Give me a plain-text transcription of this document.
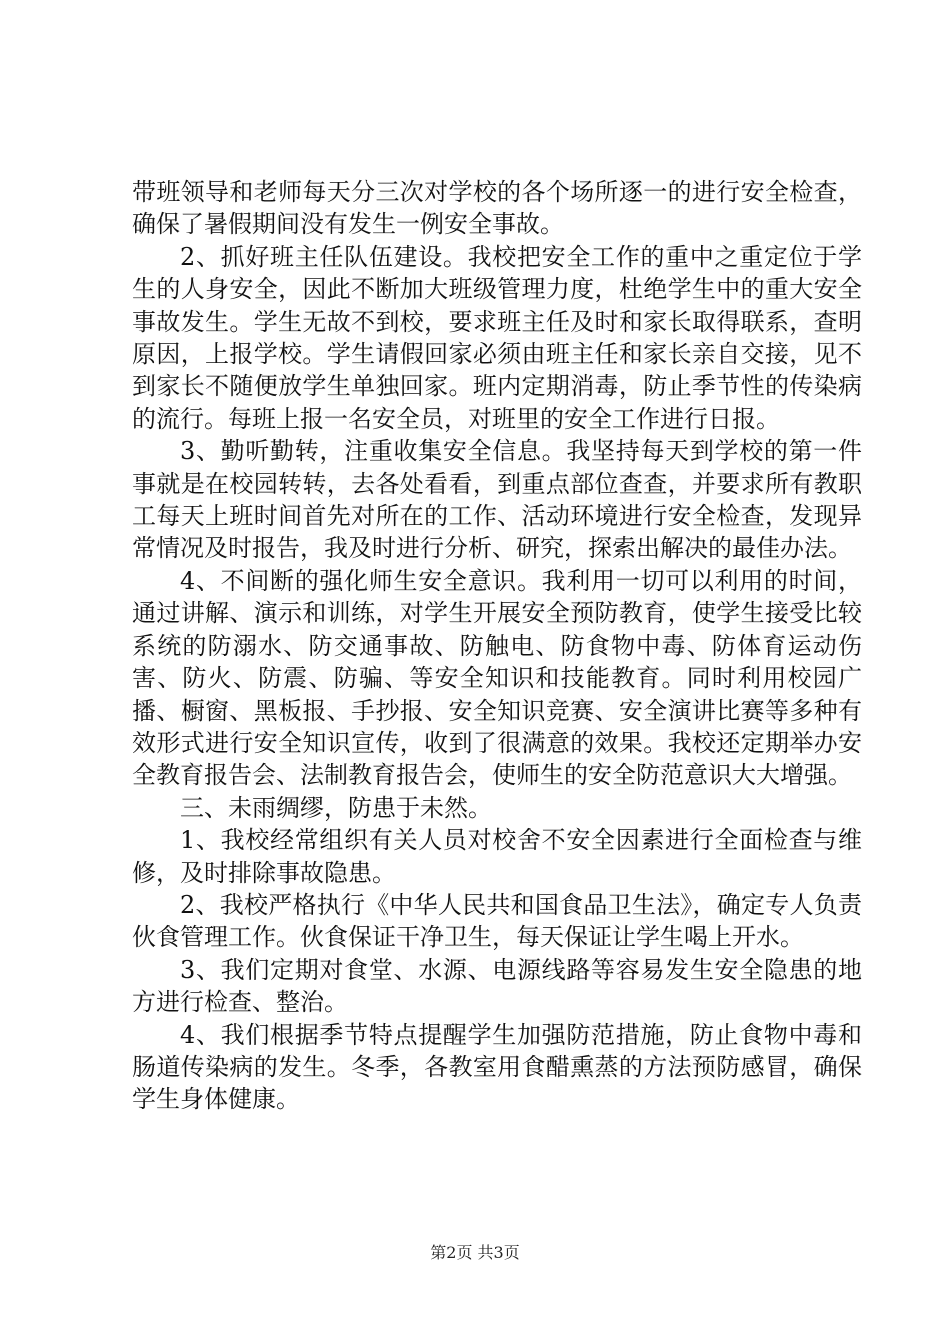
带班领导和老师每天分三次对学校的各个场所逐一的进行安全检查，确保了暑假期间没有发生一例安全事故。

2、抓好班主任队伍建设。我校把安全工作的重中之重定位于学生的人身安全，因此不断加大班级管理力度，杜绝学生中的重大安全事故发生。学生无故不到校，要求班主任及时和家长取得联系，查明原因，上报学校。学生请假回家必须由班主任和家长亲自交接，见不到家长不随便放学生单独回家。班内定期消毒，防止季节性的传染病的流行。每班上报一名安全员，对班里的安全工作进行日报。

3、勤听勤转，注重收集安全信息。我坚持每天到学校的第一件事就是在校园转转，去各处看看，到重点部位查查，并要求所有教职工每天上班时间首先对所在的工作、活动环境进行安全检查，发现异常情况及时报告，我及时进行分析、研究，探索出解决的最佳办法。

4、不间断的强化师生安全意识。我利用一切可以利用的时间，通过讲解、演示和训练，对学生开展安全预防教育，使学生接受比较系统的防溺水、防交通事故、防触电、防食物中毒、防体育运动伤害、防火、防震、防骗、等安全知识和技能教育。同时利用校园广播、橱窗、黑板报、手抄报、安全知识竞赛、安全演讲比赛等多种有效形式进行安全知识宣传，收到了很满意的效果。我校还定期举办安全教育报告会、法制教育报告会，使师生的安全防范意识大大增强。

三、未雨绸缪，防患于未然。

1、我校经常组织有关人员对校舍不安全因素进行全面检查与维修，及时排除事故隐患。

2、我校严格执行《中华人民共和国食品卫生法》，确定专人负责伙食管理工作。伙食保证干净卫生，每天保证让学生喝上开水。

3、我们定期对食堂、水源、电源线路等容易发生安全隐患的地方进行检查、整治。

4、我们根据季节特点提醒学生加强防范措施，防止食物中毒和肠道传染病的发生。冬季，各教室用食醋熏蒸的方法预防感冒，确保学生身体健康。

第2页 共3页
